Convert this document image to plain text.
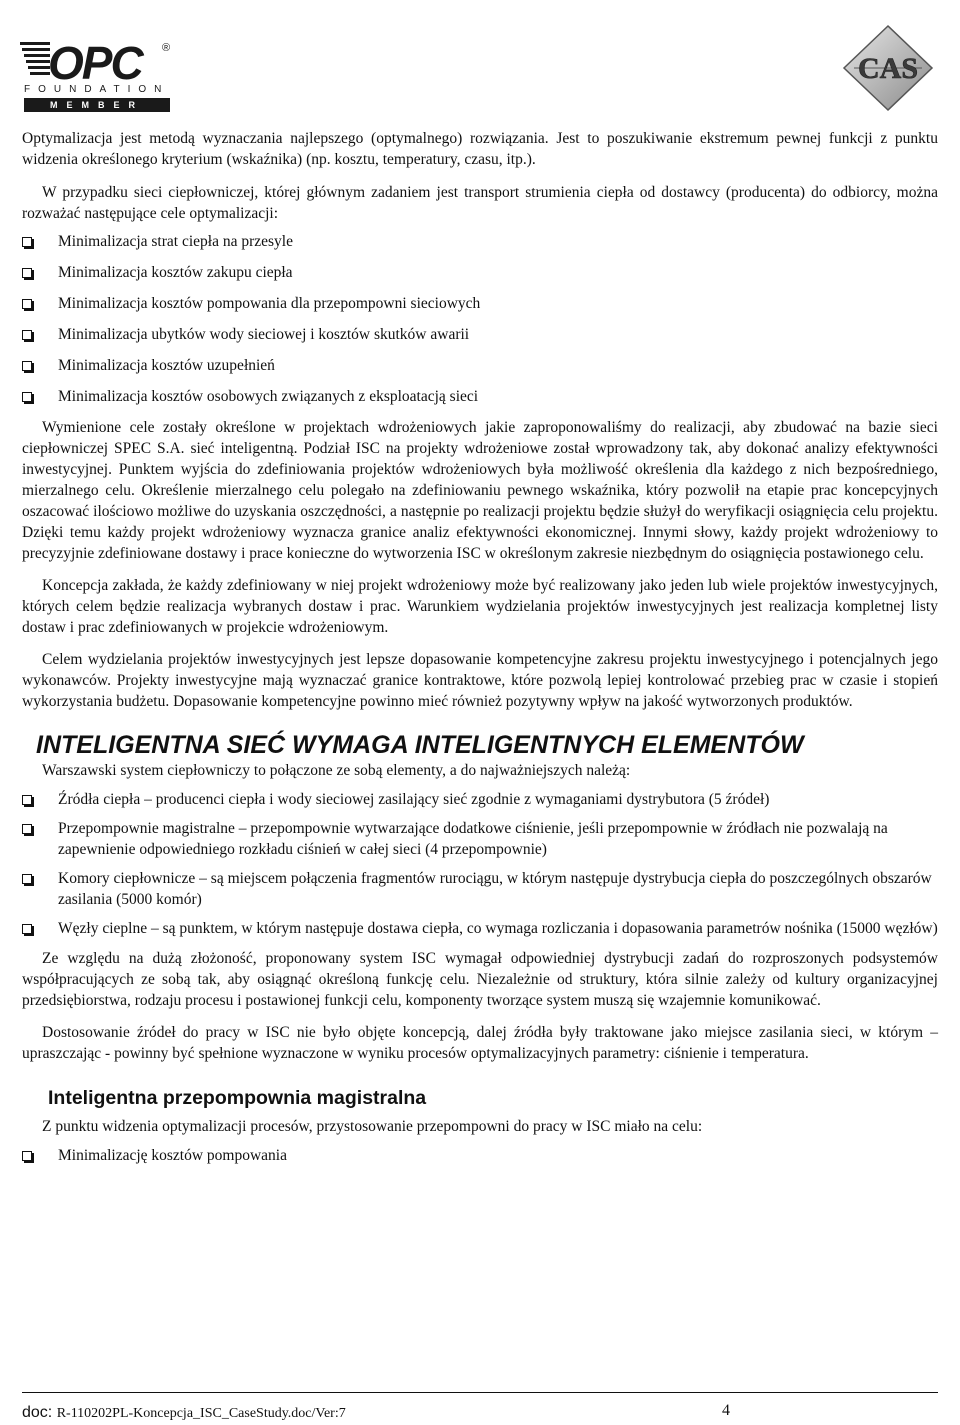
OPC ®
FOUNDATION
MEMBER
CAS

Optymalizacja jest metodą wyznaczania najlepszego (optymalnego) rozwiązania. Jest to poszukiwanie ekstremum pewnej funkcji z punktu widzenia określonego kryterium (wskaźnika) (np. kosztu, temperatury, czasu, itp.).

W przypadku sieci ciepłowniczej, której głównym zadaniem jest transport strumienia ciepła od dostawcy (producenta) do odbiorcy, można rozważać następujące cele optymalizacji:

Minimalizacja strat ciepła na przesyle
Minimalizacja kosztów zakupu ciepła
Minimalizacja kosztów pompowania dla przepompowni sieciowych
Minimalizacja ubytków wody sieciowej i kosztów skutków awarii
Minimalizacja kosztów uzupełnień
Minimalizacja kosztów osobowych związanych z eksploatacją sieci

Wymienione cele zostały określone w projektach wdrożeniowych jakie zaproponowaliśmy do realizacji, aby zbudować na bazie sieci ciepłowniczej SPEC S.A. sieć inteligentną. Podział ISC na projekty wdrożeniowe został wprowadzony tak, aby dokonać analizy efektywności inwestycyjnej. Punktem wyjścia do zdefiniowania projektów wdrożeniowych była możliwość określenia dla każdego z nich bezpośredniego, mierzalnego celu. Określenie mierzalnego celu polegało na zdefiniowaniu pewnego wskaźnika, który pozwolił na etapie prac koncepcyjnych oszacować ilościowo możliwe do uzyskania oszczędności, a następnie po realizacji projektu będzie służył do weryfikacji osiągnięcia celu projektu. Dzięki temu każdy projekt wdrożeniowy wyznacza granice analiz efektywności ekonomicznej. Innymi słowy, każdy projekt wdrożeniowy to precyzyjnie zdefiniowane dostawy i prace konieczne do wytworzenia ISC w określonym zakresie niezbędnym do osiągnięcia postawionego celu.

Koncepcja zakłada, że każdy zdefiniowany w niej projekt wdrożeniowy może być realizowany jako jeden lub wiele projektów inwestycyjnych, których celem będzie realizacja wybranych dostaw i prac. Warunkiem wydzielania projektów inwestycyjnych jest realizacja kompletnej listy dostaw i prac zdefiniowanych w projekcie wdrożeniowym.

Celem wydzielania projektów inwestycyjnych jest lepsze dopasowanie kompetencyjne zakresu projektu inwestycyjnego i potencjalnych jego wykonawców. Projekty inwestycyjne mają wyznaczać granice kontraktowe, które pozwolą lepiej kontrolować przebieg prac w czasie i stopień wykorzystania budżetu. Dopasowanie kompetencyjne powinno mieć również pozytywny wpływ na jakość wytworzonych produktów.

INTELIGENTNA SIEĆ WYMAGA INTELIGENTNYCH ELEMENTÓW

Warszawski system ciepłowniczy to połączone ze sobą elementy, a do najważniejszych należą:

Źródła ciepła – producenci ciepła i wody sieciowej zasilający sieć zgodnie z wymaganiami dystrybutora (5 źródeł)
Przepompownie magistralne – przepompownie wytwarzające dodatkowe ciśnienie, jeśli przepompownie w źródłach nie pozwalają na zapewnienie odpowiedniego rozkładu ciśnień w całej sieci (4 przepompownie)
Komory ciepłownicze – są miejscem połączenia fragmentów rurociągu, w którym następuje dystrybucja ciepła do poszczególnych obszarów zasilania (5000 komór)
Węzły cieplne – są punktem, w którym następuje dostawa ciepła, co wymaga rozliczania i dopasowania parametrów nośnika (15000 węzłów)

Ze względu na dużą złożoność, proponowany system ISC wymagał odpowiedniej dystrybucji zadań do rozproszonych podsystemów współpracujących ze sobą tak, aby osiągnąć określoną funkcję celu. Niezależnie od struktury, która silnie zależy od kultury organizacyjnej przedsiębiorstwa, rodzaju procesu i postawionej funkcji celu, komponenty tworzące system muszą się wzajemnie komunikować.

Dostosowanie źródeł do pracy w ISC nie było objęte koncepcją, dalej źródła były traktowane jako miejsce zasilania sieci, w którym – upraszczając - powinny być spełnione wyznaczone w wyniku procesów optymalizacyjnych parametry: ciśnienie i temperatura.

Inteligentna przepompownia magistralna

Z punktu widzenia optymalizacji procesów, przystosowanie przepompowni do pracy w ISC miało na celu:

Minimalizację kosztów pompowania
doc: R-110202PL-Koncepcja_ISC_CaseStudy.doc/Ver:7	4
